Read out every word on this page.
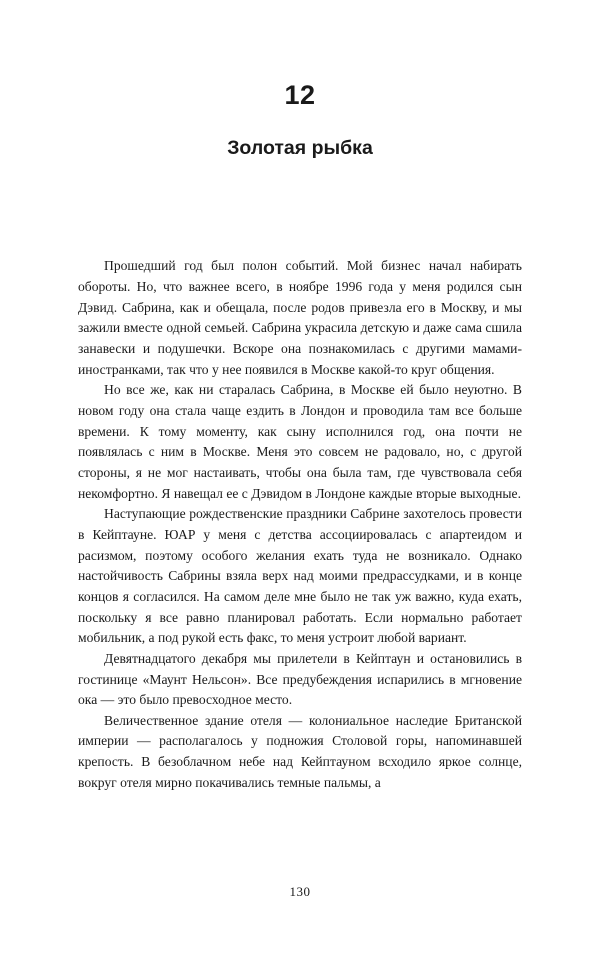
12
Золотая рыбка

Прошедший год был полон событий. Мой бизнес начал набирать обороты. Но, что важнее всего, в ноябре 1996 года у меня родился сын Дэвид. Сабрина, как и обещала, после родов привезла его в Москву, и мы зажили вместе одной семьей. Сабрина украсила детскую и даже сама сшила занавески и подушечки. Вскоре она познакомилась с другими мамами-иностранками, так что у нее появился в Москве какой-то круг общения.

Но все же, как ни старалась Сабрина, в Москве ей было неуютно. В новом году она стала чаще ездить в Лондон и проводила там все больше времени. К тому моменту, как сыну исполнился год, она почти не появлялась с ним в Москве. Меня это совсем не радовало, но, с другой стороны, я не мог настаивать, чтобы она была там, где чувствовала себя некомфортно. Я навещал ее с Дэвидом в Лондоне каждые вторые выходные.

Наступающие рождественские праздники Сабрине захотелось провести в Кейптауне. ЮАР у меня с детства ассоциировалась с апартеидом и расизмом, поэтому особого желания ехать туда не возникало. Однако настойчивость Сабрины взяла верх над моими предрассудками, и в конце концов я согласился. На самом деле мне было не так уж важно, куда ехать, поскольку я все равно планировал работать. Если нормально работает мобильник, а под рукой есть факс, то меня устроит любой вариант.

Девятнадцатого декабря мы прилетели в Кейптаун и остановились в гостинице «Маунт Нельсон». Все предубеждения испарились в мгновение ока — это было превосходное место.

Величественное здание отеля — колониальное наследие Британской империи — располагалось у подножия Столовой горы, напоминавшей крепость. В безоблачном небе над Кейптауном всходило яркое солнце, вокруг отеля мирно покачивались темные пальмы, а

130
